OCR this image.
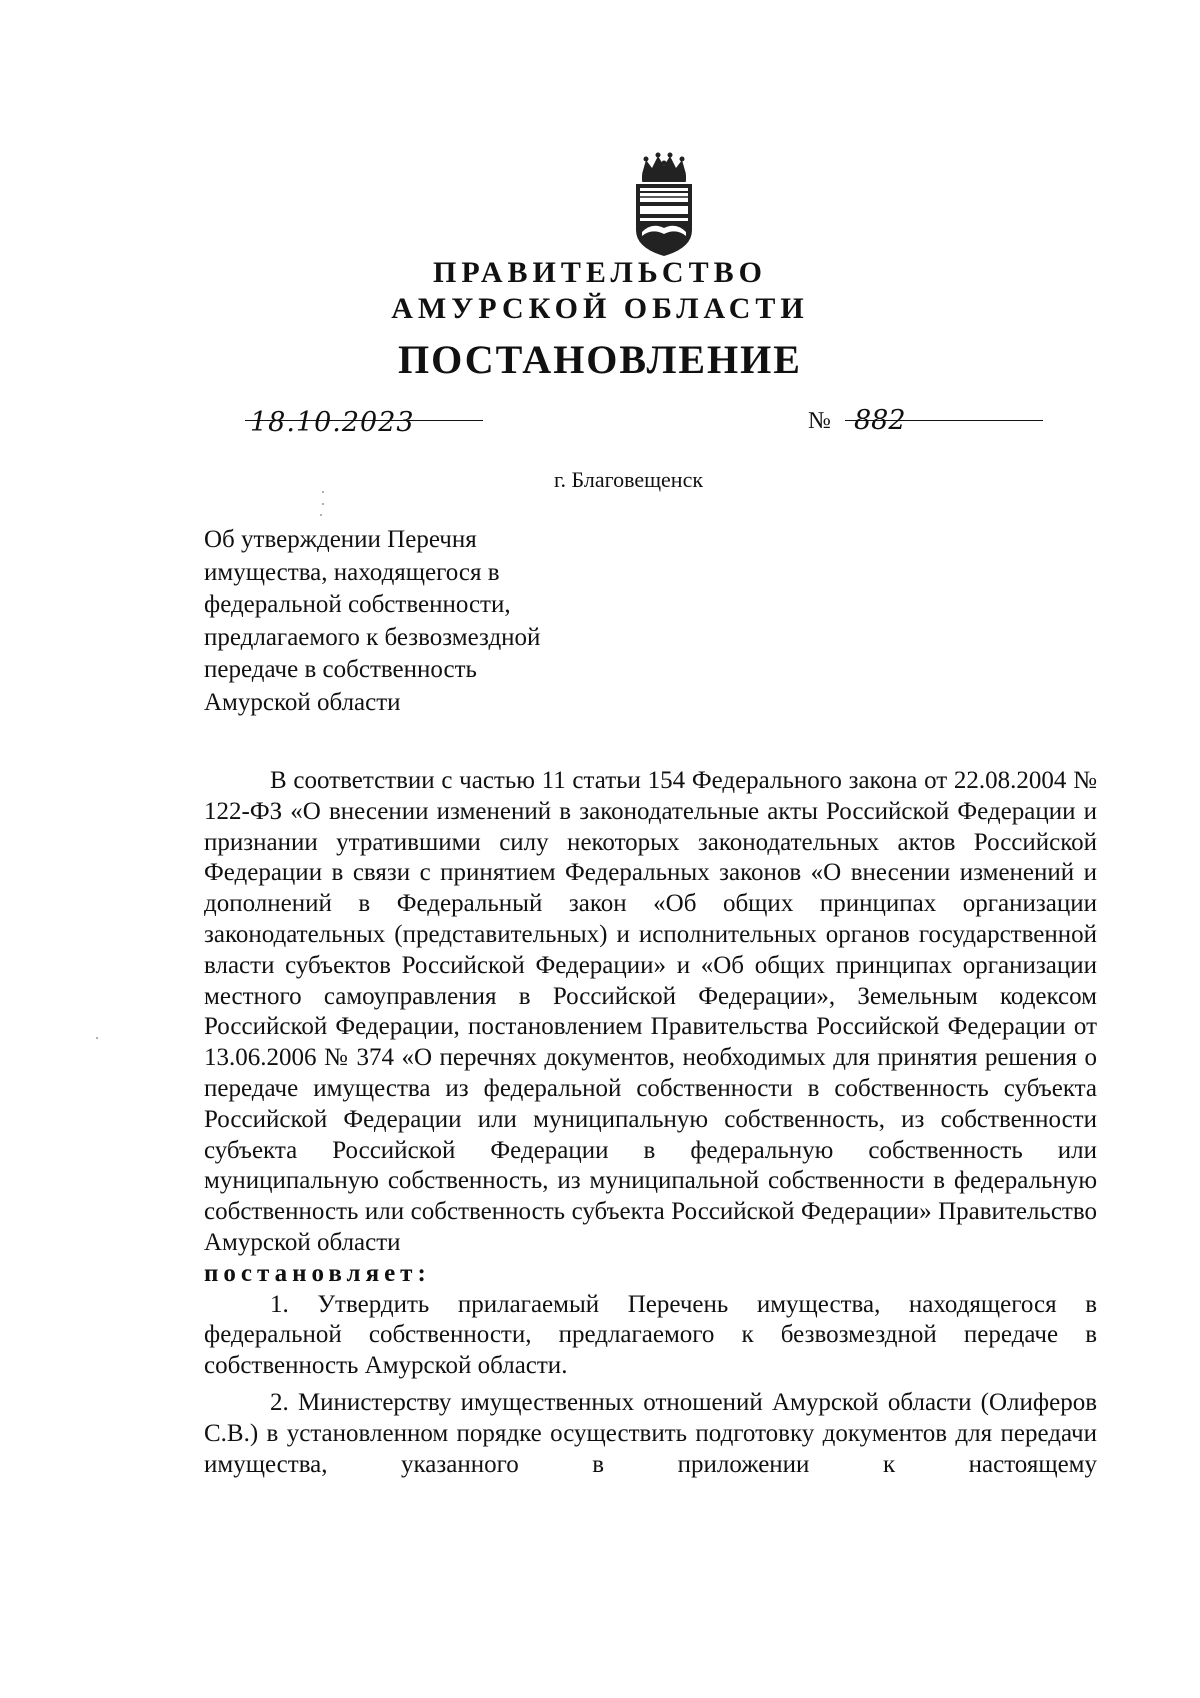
ПРАВИТЕЛЬСТВО
АМУРСКОЙ ОБЛАСТИ
ПОСТАНОВЛЕНИЕ
18.10.2023	№ 882
г. Благовещенск
Об утверждении Перечня
имущества, находящегося в
федеральной собственности,
предлагаемого к безвозмездной
передаче в собственность
Амурской области

В соответствии с частью 11 статьи 154 Федерального закона от 22.08.2004 № 122-ФЗ «О внесении изменений в законодательные акты Российской Федерации и признании утратившими силу некоторых законодательных актов Российской Федерации в связи с принятием Федеральных законов «О внесении изменений и дополнений в Федеральный закон «Об общих принципах организации законодательных (представительных) и исполнительных органов государственной власти субъектов Российской Федерации» и «Об общих принципах организации местного самоуправления в Российской Федерации», Земельным кодексом Российской Федерации, постановлением Правительства Российской Федерации от 13.06.2006 № 374 «О перечнях документов, необходимых для принятия решения о передаче имущества из федеральной собственности в собственность субъекта Российской Федерации или муниципальную собственность, из собственности субъекта Российской Федерации в федеральную собственность или муниципальную собственность, из муниципальной собственности в федеральную собственность или собственность субъекта Российской Федерации» Правительство Амурской области

постановляет:

1. Утвердить прилагаемый Перечень имущества, находящегося в федеральной собственности, предлагаемого к безвозмездной передаче в собственность Амурской области.

2. Министерству имущественных отношений Амурской области (Олиферов С.В.) в установленном порядке осуществить подготовку документов для передачи имущества, указанного в приложении к настоящему
